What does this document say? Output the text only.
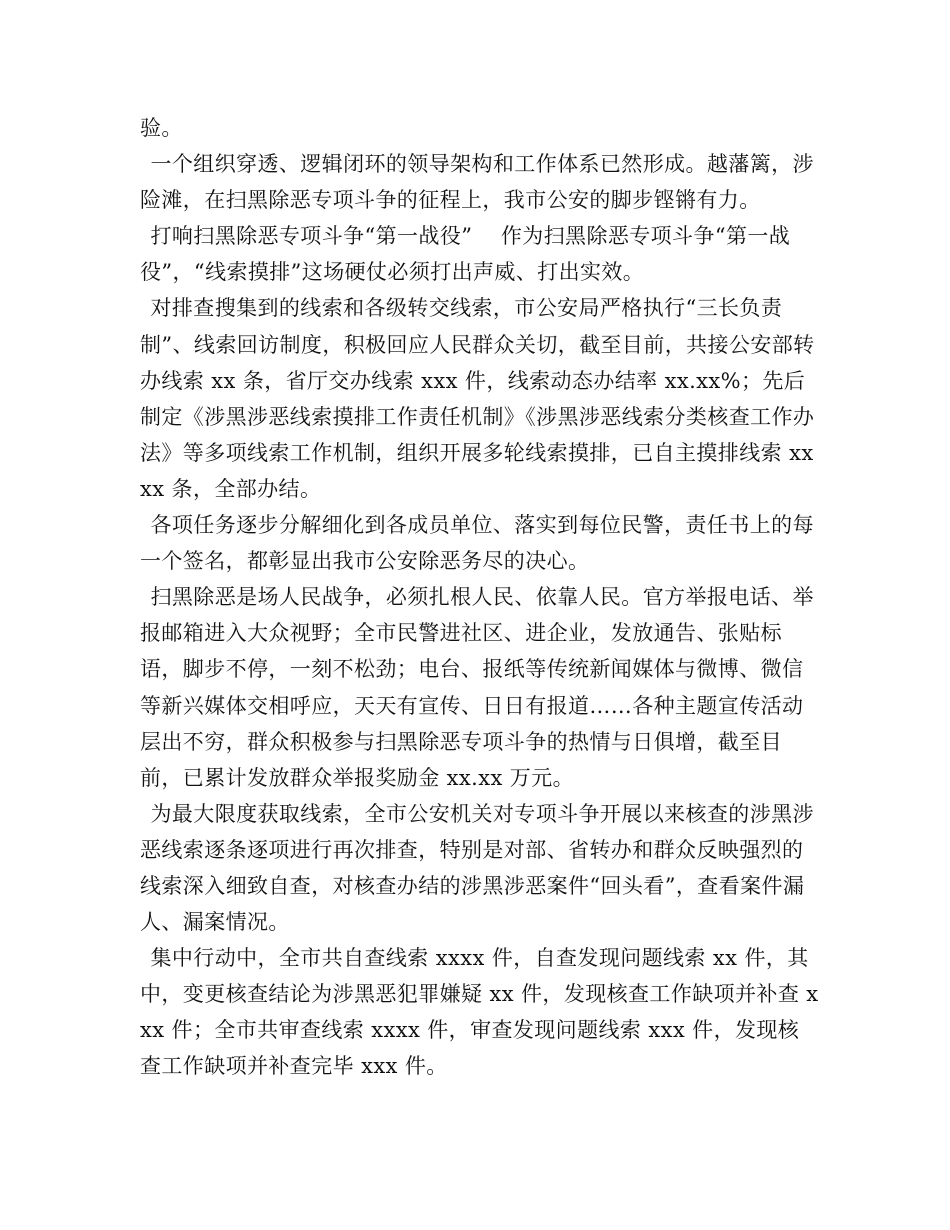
验。

一个组织穿透、逻辑闭环的领导架构和工作体系已然形成。越藩篱，涉险滩，在扫黑除恶专项斗争的征程上，我市公安的脚步铿锵有力。

打响扫黑除恶专项斗争“第一战役”　 作为扫黑除恶专项斗争“第一战役”，“线索摸排”这场硬仗必须打出声威、打出实效。

对排查搜集到的线索和各级转交线索，市公安局严格执行“三长负责制”、线索回访制度，积极回应人民群众关切，截至目前，共接公安部转办线索 xx 条，省厅交办线索 xxx 件，线索动态办结率 xx.xx%；先后制定《涉黑涉恶线索摸排工作责任机制》《涉黑涉恶线索分类核查工作办法》等多项线索工作机制，组织开展多轮线索摸排，已自主摸排线索 xxxx 条，全部办结。

各项任务逐步分解细化到各成员单位、落实到每位民警，责任书上的每一个签名，都彰显出我市公安除恶务尽的决心。

扫黑除恶是场人民战争，必须扎根人民、依靠人民。官方举报电话、举报邮箱进入大众视野；全市民警进社区、进企业，发放通告、张贴标语，脚步不停，一刻不松劲；电台、报纸等传统新闻媒体与微博、微信等新兴媒体交相呼应，天天有宣传、日日有报道……各种主题宣传活动层出不穷，群众积极参与扫黑除恶专项斗争的热情与日俱增，截至目前，已累计发放群众举报奖励金 xx.xx 万元。

为最大限度获取线索，全市公安机关对专项斗争开展以来核查的涉黑涉恶线索逐条逐项进行再次排查，特别是对部、省转办和群众反映强烈的线索深入细致自查，对核查办结的涉黑涉恶案件“回头看”，查看案件漏人、漏案情况。

集中行动中，全市共自查线索 xxxx 件，自查发现问题线索 xx 件，其中，变更核查结论为涉黑恶犯罪嫌疑 xx 件，发现核查工作缺项并补查 xxx 件；全市共审查线索 xxxx 件，审查发现问题线索 xxx 件，发现核查工作缺项并补查完毕 xxx 件。
